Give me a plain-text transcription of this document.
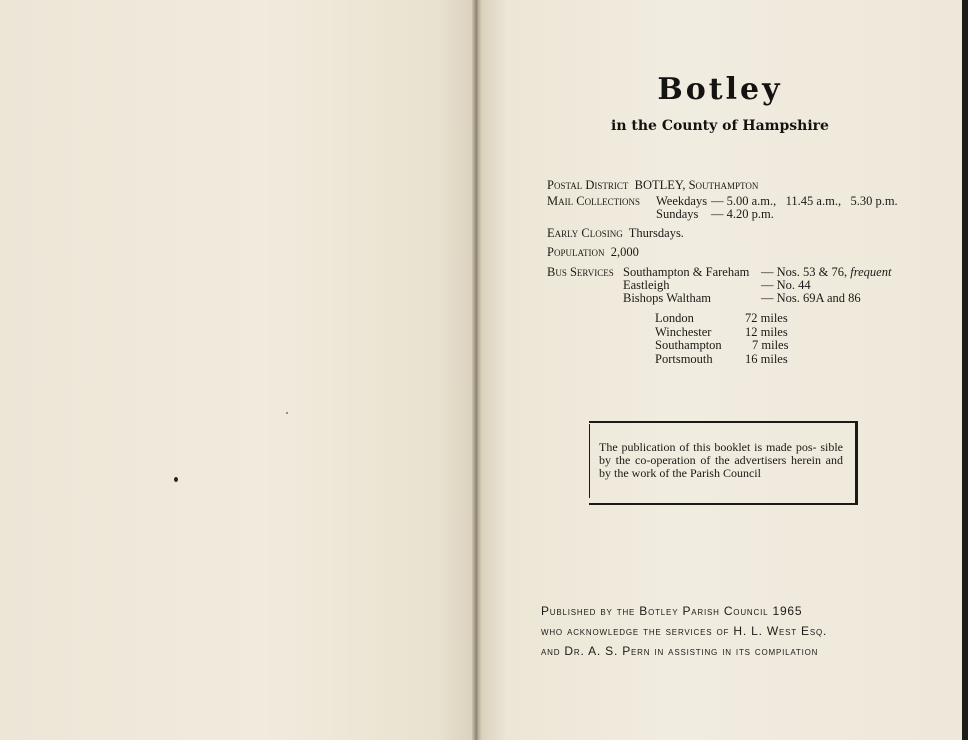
Botley
in the County of Hampshire
Postal District BOTLEY, Southampton
Mail Collections Weekdays — 5.00 a.m.,   11.45 a.m.,   5.30 p.m.
Sundays — 4.20 p.m.
Early Closing Thursdays.
Population 2,000
Bus Services Southampton & Fareham — Nos. 53 & 76, frequent
Eastleigh	— No. 44
Bishops Waltham	— Nos. 69A and 86
London	72 miles
Winchester	12 miles
Southampton	7 miles
Portsmouth	16 miles
The publication of this booklet is made pos- sible by the co-operation of the advertisers herein and by the work of the Parish Council
Published by the Botley Parish Council 1965
who acknowledge the services of H. L. West Esq.
and Dr. A. S. Pern in assisting in its compilation
